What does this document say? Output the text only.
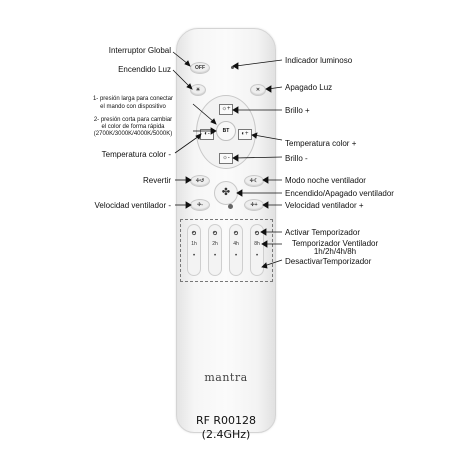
OFF
☀	✕
☼+
◐-	◐+
☼-
BT
✢↺	✢☾
✤
✢-	✢+
⏲
1h
•
⏲
2h
•
⏲
4h
•
⏲
8h
•
mantra
RF R00128
(2.4GHz)
Interruptor Global
Encendido Luz
1- presión larga para conectar
el mando con dispositivo
2- presión corta para cambiar
el color de forma rápida
(2700K/3000K/4000K/5000K)
Temperatura color -
Revertir
Velocidad ventilador -
Indicador luminoso
Apagado Luz
Brillo +
Temperatura color +
Brillo -
Modo noche ventilador
Encendido/Apagado ventilador
Velocidad ventilador +
Activar Temporizador
Temporizador Ventilador
1h/2h/4h/8h
DesactivarTemporizador
